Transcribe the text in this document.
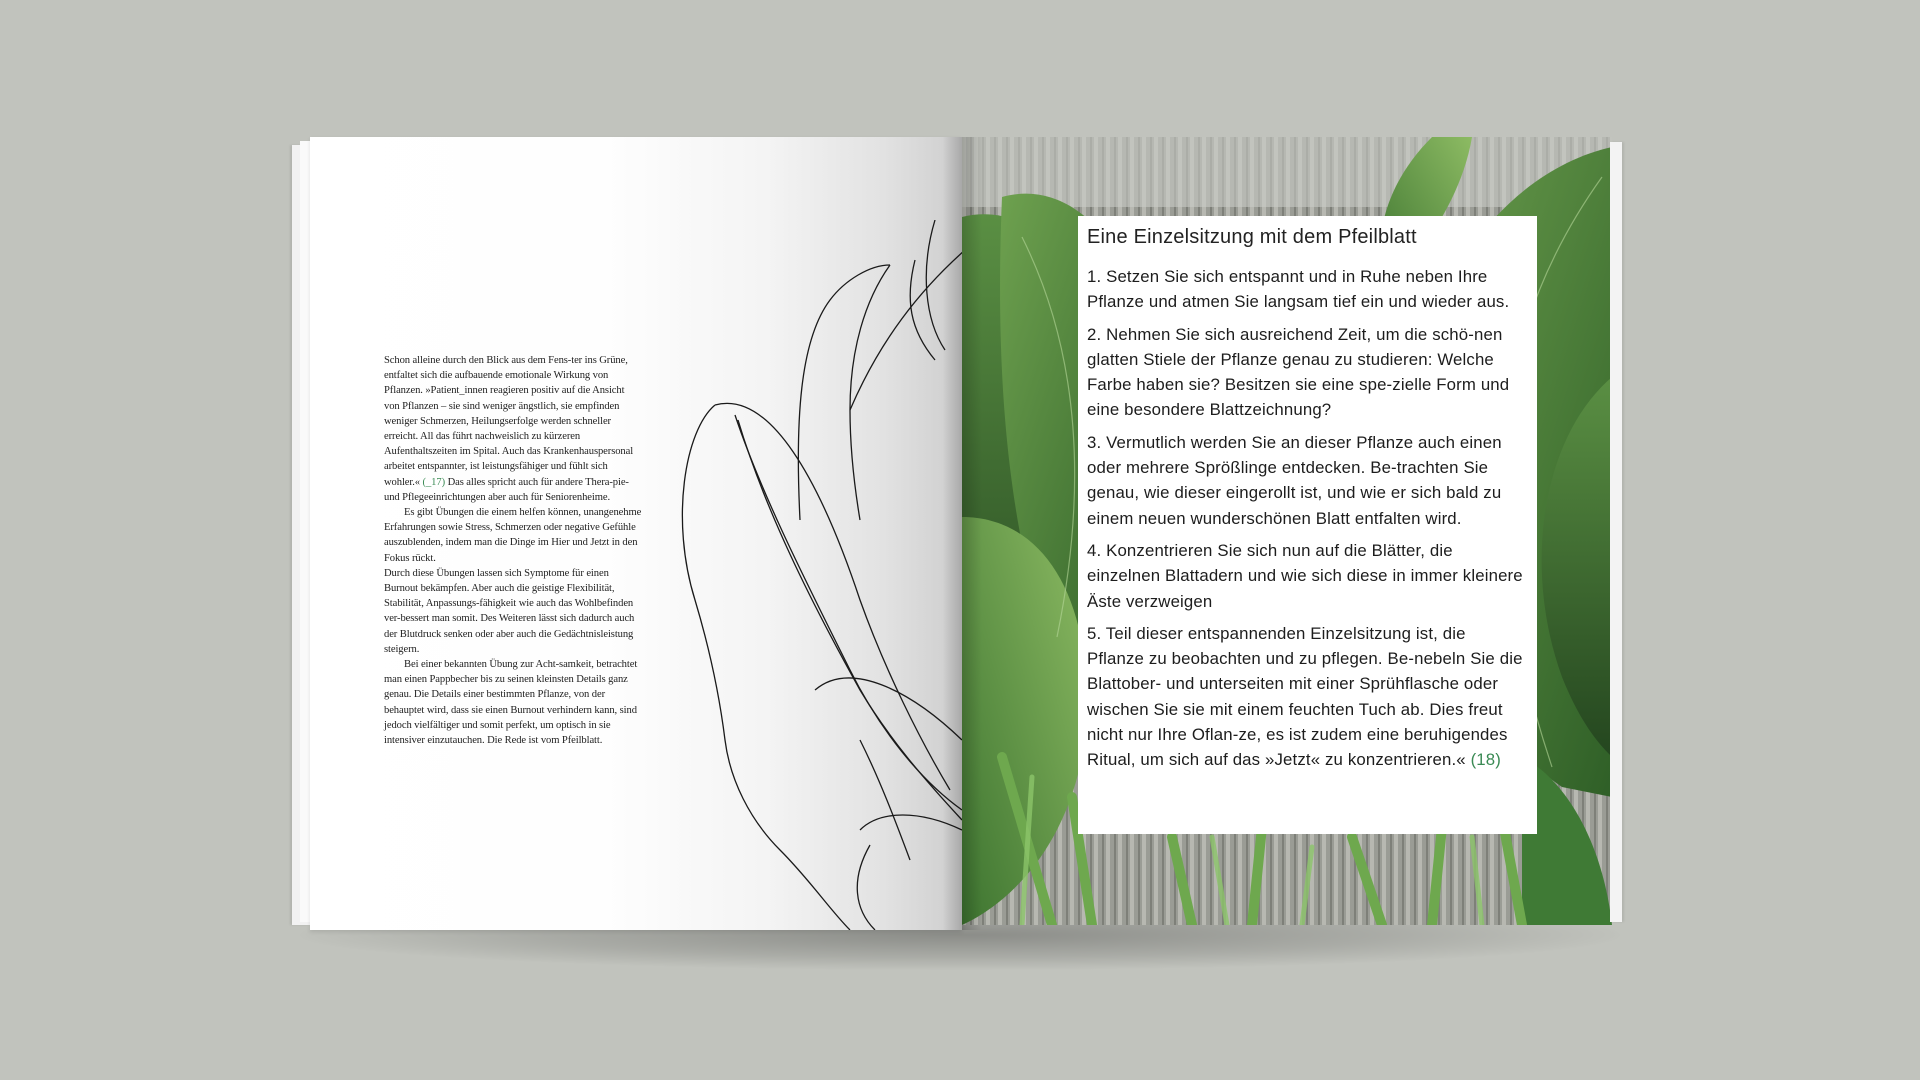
Schon alleine durch den Blick aus dem Fens-ter ins Grüne, entfaltet sich die aufbauende emotionale Wirkung von Pflanzen. »Patient_innen reagieren positiv auf die Ansicht von Pflanzen – sie sind weniger ängstlich, sie empfinden weniger Schmerzen, Heilungserfolge werden schneller erreicht. All das führt nachweislich zu kürzeren Aufenthaltszeiten im Spital. Auch das Krankenhauspersonal arbeitet entspannter, ist leistungsfähiger und fühlt sich wohler.« (_17) Das alles spricht auch für andere Thera-pie- und Pflegeeinrichtungen aber auch für Seniorenheime.

Es gibt Übungen die einem helfen können, unangenehme Erfahrungen sowie Stress, Schmerzen oder negative Gefühle auszublenden, indem man die Dinge im Hier und Jetzt in den Fokus rückt.

Durch diese Übungen lassen sich Symptome für einen Burnout bekämpfen. Aber auch die geistige Flexibilität, Stabilität, Anpassungs-fähigkeit wie auch das Wohlbefinden ver-bessert man somit. Des Weiteren lässt sich dadurch auch der Blutdruck senken oder aber auch die Gedächtnisleistung steigern.

Bei einer bekannten Übung zur Acht-samkeit, betrachtet man einen Pappbecher bis zu seinen kleinsten Details ganz genau. Die Details einer bestimmten Pflanze, von der behauptet wird, dass sie einen Burnout verhindern kann, sind jedoch vielfältiger und somit perfekt, um optisch in sie intensiver einzutauchen. Die Rede ist vom Pfeilblatt.

Eine Einzelsitzung mit dem Pfeilblatt

1. Setzen Sie sich entspannt und in Ruhe neben Ihre Pflanze und atmen Sie langsam tief ein und wieder aus.

2. Nehmen Sie sich ausreichend Zeit, um die schö-nen glatten Stiele der Pflanze genau zu studieren: Welche Farbe haben sie? Besitzen sie eine spe-zielle Form und eine besondere Blattzeichnung?

3. Vermutlich werden Sie an dieser Pflanze auch einen oder mehrere Sprößlinge entdecken. Be-trachten Sie genau, wie dieser eingerollt ist, und wie er sich bald zu einem neuen wunderschönen Blatt entfalten wird.

4. Konzentrieren Sie sich nun auf die Blätter, die einzelnen Blattadern und wie sich diese in immer kleinere Äste verzweigen

5. Teil dieser entspannenden Einzelsitzung ist, die Pflanze zu beobachten und zu pflegen. Be-nebeln Sie die Blattober- und unterseiten mit einer Sprühflasche oder wischen Sie sie mit einem feuchten Tuch ab. Dies freut nicht nur Ihre Oflan-ze, es ist zudem eine beruhigendes Ritual, um sich auf das »Jetzt« zu konzentrieren.« (18)
